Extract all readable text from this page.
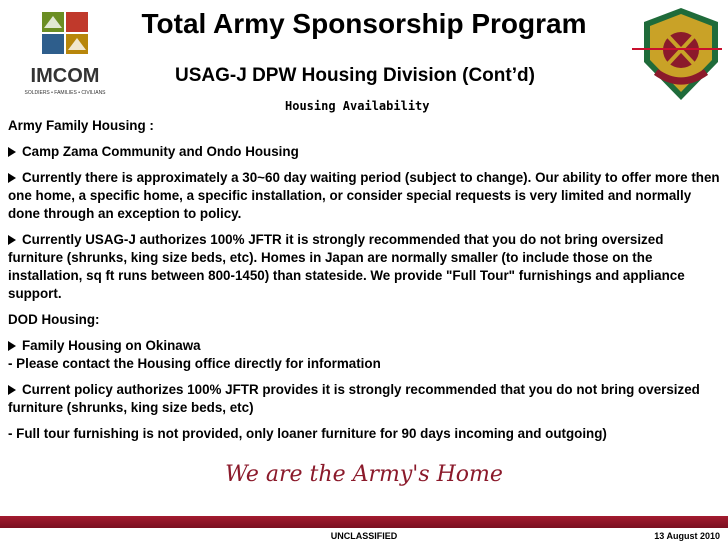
IMCOM
SOLDIERS • FAMILIES • CIVILIANS
Total Army Sponsorship Program
USAG-J DPW Housing Division (Cont’d)
Housing Availability

Army Family Housing :

Camp Zama Community and Ondo Housing

Currently there is approximately a 30~60 day waiting period (subject to change). Our ability to offer more then one home, a specific home, a specific installation, or consider special requests is very limited and normally done through an exception to policy.

Currently USAG-J authorizes 100% JFTR it is strongly recommended that you do not bring oversized furniture (shrunks, king size beds, etc). Homes in Japan are normally smaller (to include those on the installation, sq ft runs between 800-1450) than stateside. We provide "Full Tour" furnishings and appliance support.

DOD Housing:

Family Housing on Okinawa

- Please contact the Housing office directly for information

Current policy authorizes 100% JFTR provides it is strongly recommended that you do not bring oversized furniture (shrunks, king size beds, etc)

- Full tour furnishing is not provided, only loaner furniture for 90 days incoming and outgoing)

We are the Army's Home
UNCLASSIFIED	13 August 2010
